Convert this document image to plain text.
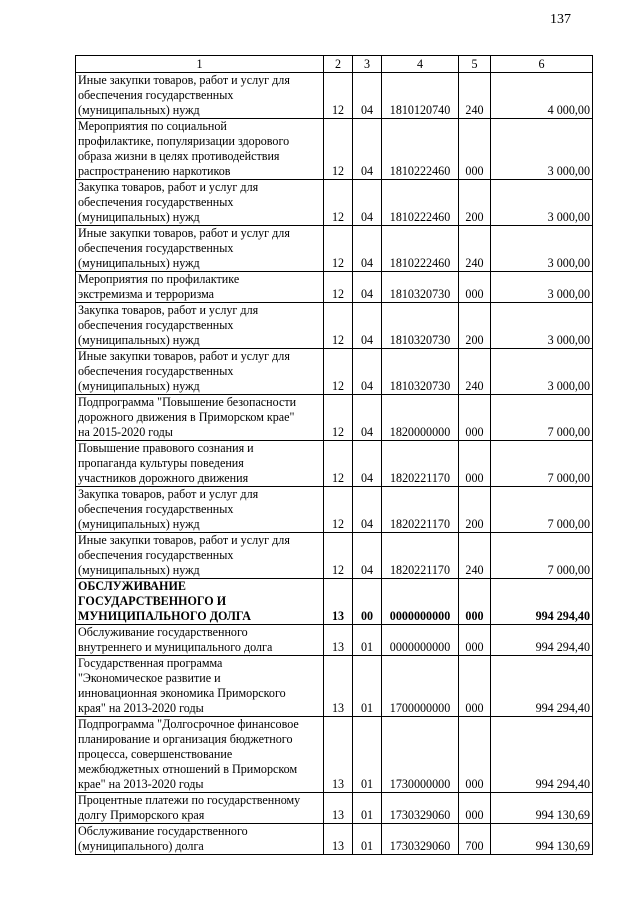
137
1	2	3	4	5	6

Иные закупки товаров, работ и услуг для
обеспечения государственных
(муниципальных) нужд	12	04	1810120740	240	4 000,00

Мероприятия по социальной
профилактике, популяризации здорового
образа жизни в целях противодействия
распространению наркотиков	12	04	1810222460	000	3 000,00

Закупка товаров, работ и услуг для
обеспечения государственных
(муниципальных) нужд	12	04	1810222460	200	3 000,00

Иные закупки товаров, работ и услуг для
обеспечения государственных
(муниципальных) нужд	12	04	1810222460	240	3 000,00

Мероприятия по профилактике
экстремизма и терроризма	12	04	1810320730	000	3 000,00

Закупка товаров, работ и услуг для
обеспечения государственных
(муниципальных) нужд	12	04	1810320730	200	3 000,00

Иные закупки товаров, работ и услуг для
обеспечения государственных
(муниципальных) нужд	12	04	1810320730	240	3 000,00

Подпрограмма "Повышение безопасности
дорожного движения в Приморском крае"
на 2015-2020 годы	12	04	1820000000	000	7 000,00

Повышение правового сознания и
пропаганда культуры поведения
участников дорожного движения	12	04	1820221170	000	7 000,00

Закупка товаров, работ и услуг для
обеспечения государственных
(муниципальных) нужд	12	04	1820221170	200	7 000,00

Иные закупки товаров, работ и услуг для
обеспечения государственных
(муниципальных) нужд	12	04	1820221170	240	7 000,00

ОБСЛУЖИВАНИЕ
ГОСУДАРСТВЕННОГО И
МУНИЦИПАЛЬНОГО ДОЛГА	13	00	0000000000	000	994 294,40

Обслуживание государственного
внутреннего и муниципального долга	13	01	0000000000	000	994 294,40

Государственная программа
"Экономическое развитие и
инновационная экономика Приморского
края" на 2013-2020 годы	13	01	1700000000	000	994 294,40

Подпрограмма "Долгосрочное финансовое
планирование и организация бюджетного
процесса, совершенствование
межбюджетных отношений в Приморском
крае" на 2013-2020 годы	13	01	1730000000	000	994 294,40

Процентные платежи по государственному
долгу Приморского края	13	01	1730329060	000	994 130,69

Обслуживание государственного
(муниципального) долга	13	01	1730329060	700	994 130,69
